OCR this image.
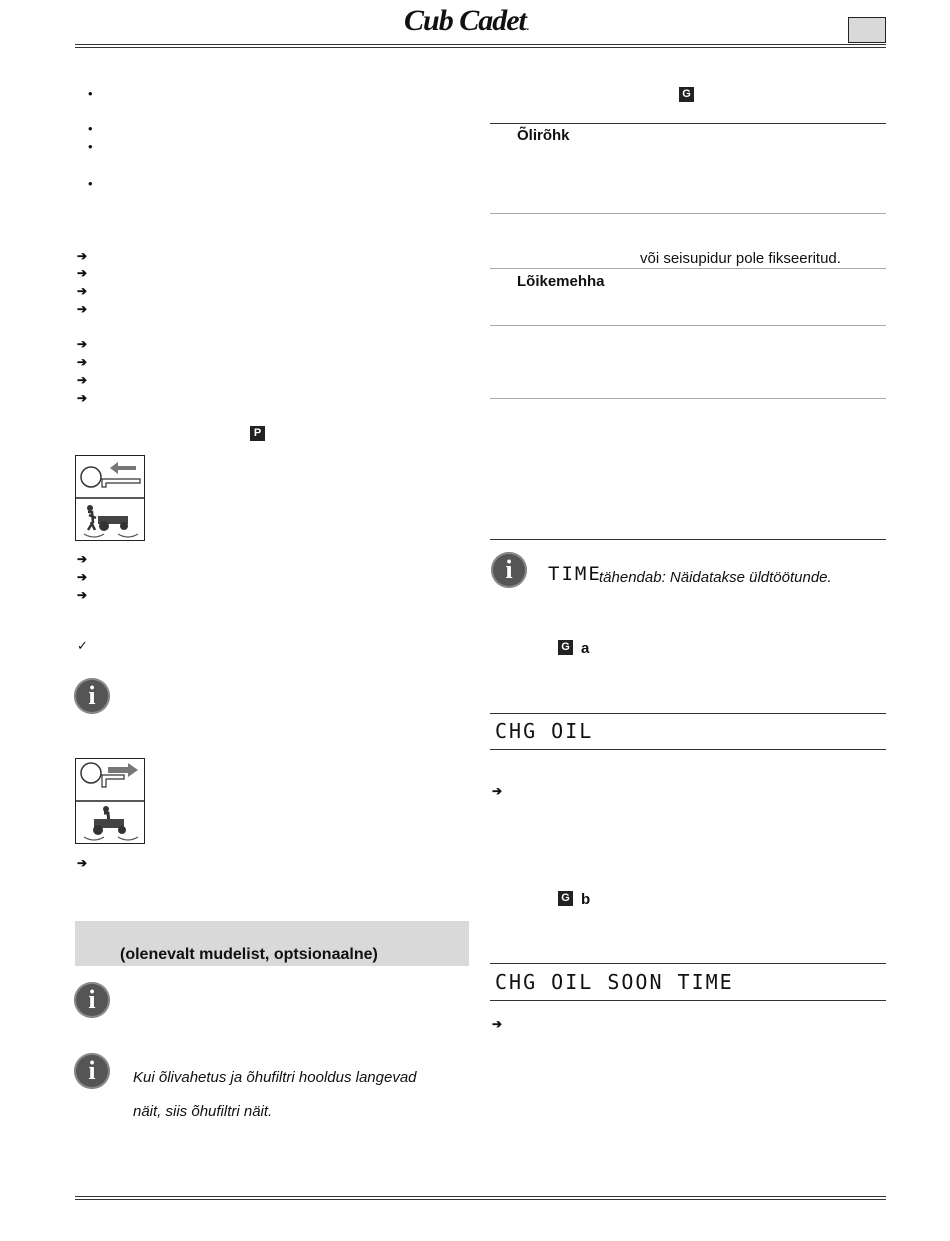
Cub Cadet.
•
•
•
•
➔
➔
➔
➔
➔
➔
➔
➔
P
➔
➔
➔
✓
i
➔
(olenevalt mudelist, optsionaalne)
i
i	Kui õlivahetus ja õhufiltri hooldus langevad
näit, siis õhufiltri näit.
G
Õlirõhk
või seisupidur pole fikseeritud.
Lõikemehha
i	TIME
tähendab: Näidatakse üldtöötunde.
G a
CHG OIL
➔
G b
CHG OIL SOON TIME
➔
